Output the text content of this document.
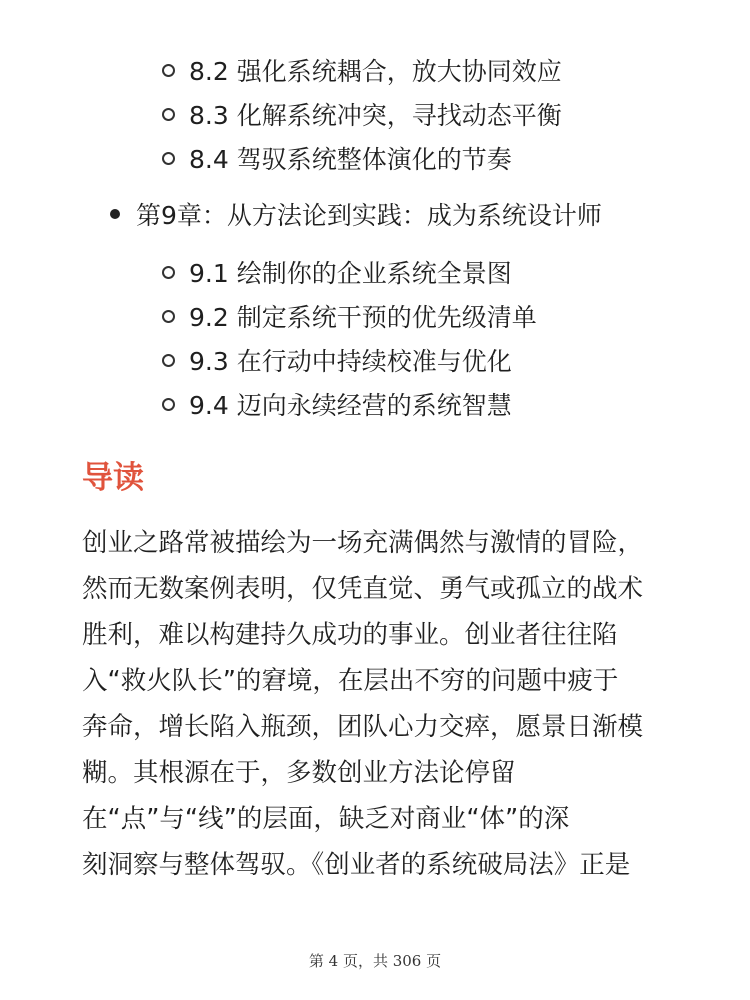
8.2 强化系统耦合，放大协同效应
8.3 化解系统冲突，寻找动态平衡
8.4 驾驭系统整体演化的节奏
第9章：从方法论到实践：成为系统设计师
9.1 绘制你的企业系统全景图
9.2 制定系统干预的优先级清单
9.3 在行动中持续校准与优化
9.4 迈向永续经营的系统智慧
导读
创业之路常被描绘为一场充满偶然与激情的冒险，
然而无数案例表明，仅凭直觉、勇气或孤立的战术
胜利，难以构建持久成功的事业。创业者往往陷
入“救火队长”的窘境，在层出不穷的问题中疲于
奔命，增长陷入瓶颈，团队心力交瘁，愿景日渐模
糊。其根源在于，多数创业方法论停留
在“点”与“线”的层面，缺乏对商业“体”的深
刻洞察与整体驾驭。《创业者的系统破局法》正是
第 4 页，共 306 页
